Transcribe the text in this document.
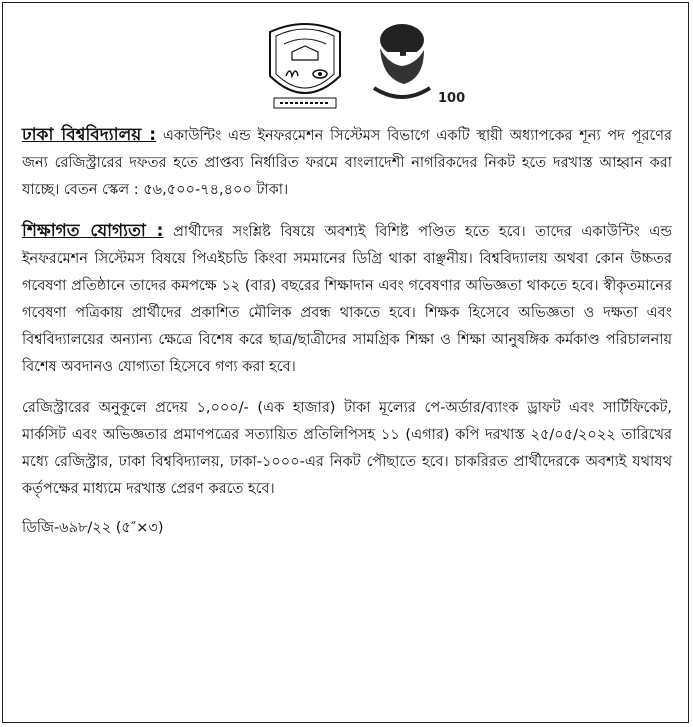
100

ঢাকা বিশ্ববিদ্যালয় : একাউন্টিং এন্ড ইনফরমেশন সিস্টেমস বিভাগে একটি স্থায়ী অধ্যাপকের শূন্য পদ পূরণের জন্য রেজিস্ট্রারের দফতর হতে প্রাপ্তব্য নির্ধারিত ফরমে বাংলাদেশী নাগরিকদের নিকট হতে দরখাস্ত আহ্বান করা যাচ্ছে। বেতন স্কেল : ৫৬,৫০০-৭৪,৪০০ টাকা।

শিক্ষাগত যোগ্যতা : প্রার্থীদের সংশ্লিষ্ট বিষয়ে অবশ্যই বিশিষ্ট পণ্ডিত হতে হবে। তাদের একাউন্টিং এন্ড ইনফরমেশন সিস্টেমস বিষয়ে পিএইচডি কিংবা সমমানের ডিগ্রি থাকা বাঞ্ছনীয়। বিশ্ববিদ্যালয় অথবা কোন উচ্চতর গবেষণা প্রতিষ্ঠানে তাদের কমপক্ষে ১২ (বার) বছরের শিক্ষাদান এবং গবেষণার অভিজ্ঞতা থাকতে হবে। স্বীকৃতমানের গবেষণা পত্রিকায় প্রার্থীদের প্রকাশিত মৌলিক প্রবন্ধ থাকতে হবে। শিক্ষক হিসেবে অভিজ্ঞতা ও দক্ষতা এবং বিশ্ববিদ্যালয়ের অন্যান্য ক্ষেত্রে বিশেষ করে ছাত্র/ছাত্রীদের সামগ্রিক শিক্ষা ও শিক্ষা আনুষঙ্গিক কর্মকাণ্ড পরিচালনায় বিশেষ অবদানও যোগ্যতা হিসেবে গণ্য করা হবে।

রেজিস্ট্রারের অনুকূলে প্রদেয় ১,০০০/- (এক হাজার) টাকা মূল্যের পে-অর্ডার/ব্যাংক ড্রাফট এবং সার্টিফিকেট, মার্কসিট এবং অভিজ্ঞতার প্রমাণপত্রের সত্যায়িত প্রতিলিপিসহ ১১ (এগার) কপি দরখাস্ত ২৫/০৫/২০২২ তারিখের মধ্যে রেজিস্ট্রার, ঢাকা বিশ্ববিদ্যালয়, ঢাকা-১০০০-এর নিকট পৌছাতে হবে। চাকরিরত প্রার্থীদেরকে অবশ্যই যথাযথ কর্তৃপক্ষের মাধ্যমে দরখাস্ত প্রেরণ করতে হবে।

ডিজি-৬৯৮/২২ (৫″×৩)
